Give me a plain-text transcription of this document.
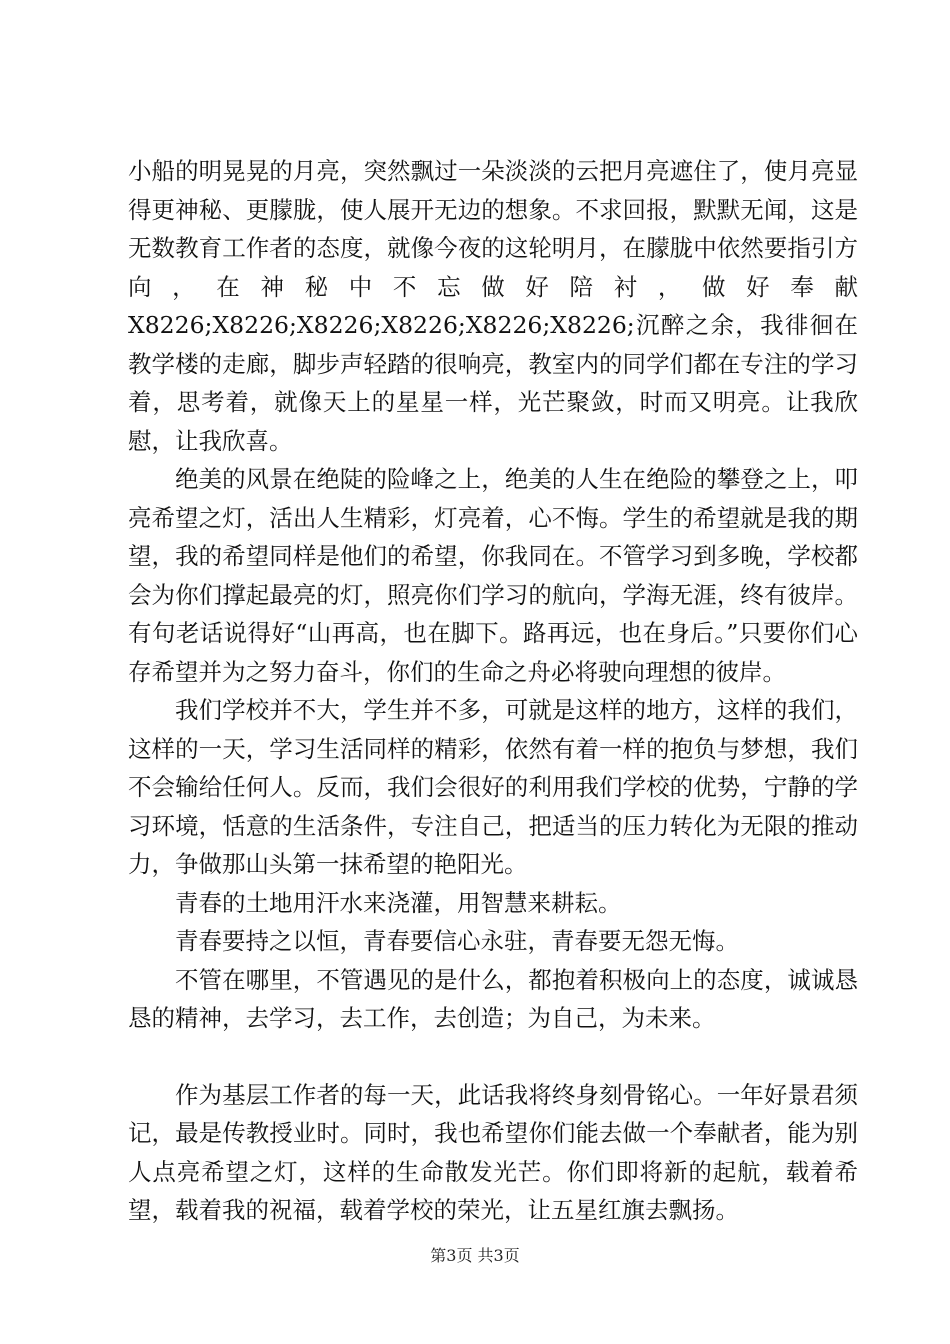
小船的明晃晃的月亮，突然飘过一朵淡淡的云把月亮遮住了，使月亮显得更神秘、更朦胧，使人展开无边的想象。不求回报，默默无闻，这是无数教育工作者的态度，就像今夜的这轮明月，在朦胧中依然要指引方向，在神秘中不忘做好陪衬，做好奉献X8226;X8226;X8226;X8226;X8226;X8226;沉醉之余，我徘徊在教学楼的走廊，脚步声轻踏的很响亮，教室内的同学们都在专注的学习着，思考着，就像天上的星星一样，光芒聚敛，时而又明亮。让我欣慰，让我欣喜。

绝美的风景在绝陡的险峰之上，绝美的人生在绝险的攀登之上，叩亮希望之灯，活出人生精彩，灯亮着，心不悔。学生的希望就是我的期望，我的希望同样是他们的希望，你我同在。不管学习到多晚，学校都会为你们撑起最亮的灯，照亮你们学习的航向，学海无涯，终有彼岸。有句老话说得好“山再高，也在脚下。路再远，也在身后。”只要你们心存希望并为之努力奋斗，你们的生命之舟必将驶向理想的彼岸。

我们学校并不大，学生并不多，可就是这样的地方，这样的我们，这样的一天，学习生活同样的精彩，依然有着一样的抱负与梦想，我们不会输给任何人。反而，我们会很好的利用我们学校的优势，宁静的学习环境，恬意的生活条件，专注自己，把适当的压力转化为无限的推动力，争做那山头第一抹希望的艳阳光。

青春的土地用汗水来浇灌，用智慧来耕耘。

青春要持之以恒，青春要信心永驻，青春要无怨无悔。

不管在哪里，不管遇见的是什么，都抱着积极向上的态度，诚诚恳恳的精神，去学习，去工作，去创造；为自己，为未来。

作为基层工作者的每一天，此话我将终身刻骨铭心。一年好景君须记，最是传教授业时。同时，我也希望你们能去做一个奉献者，能为别人点亮希望之灯，这样的生命散发光芒。你们即将新的起航，载着希望，载着我的祝福，载着学校的荣光，让五星红旗去飘扬。

第3页 共3页
